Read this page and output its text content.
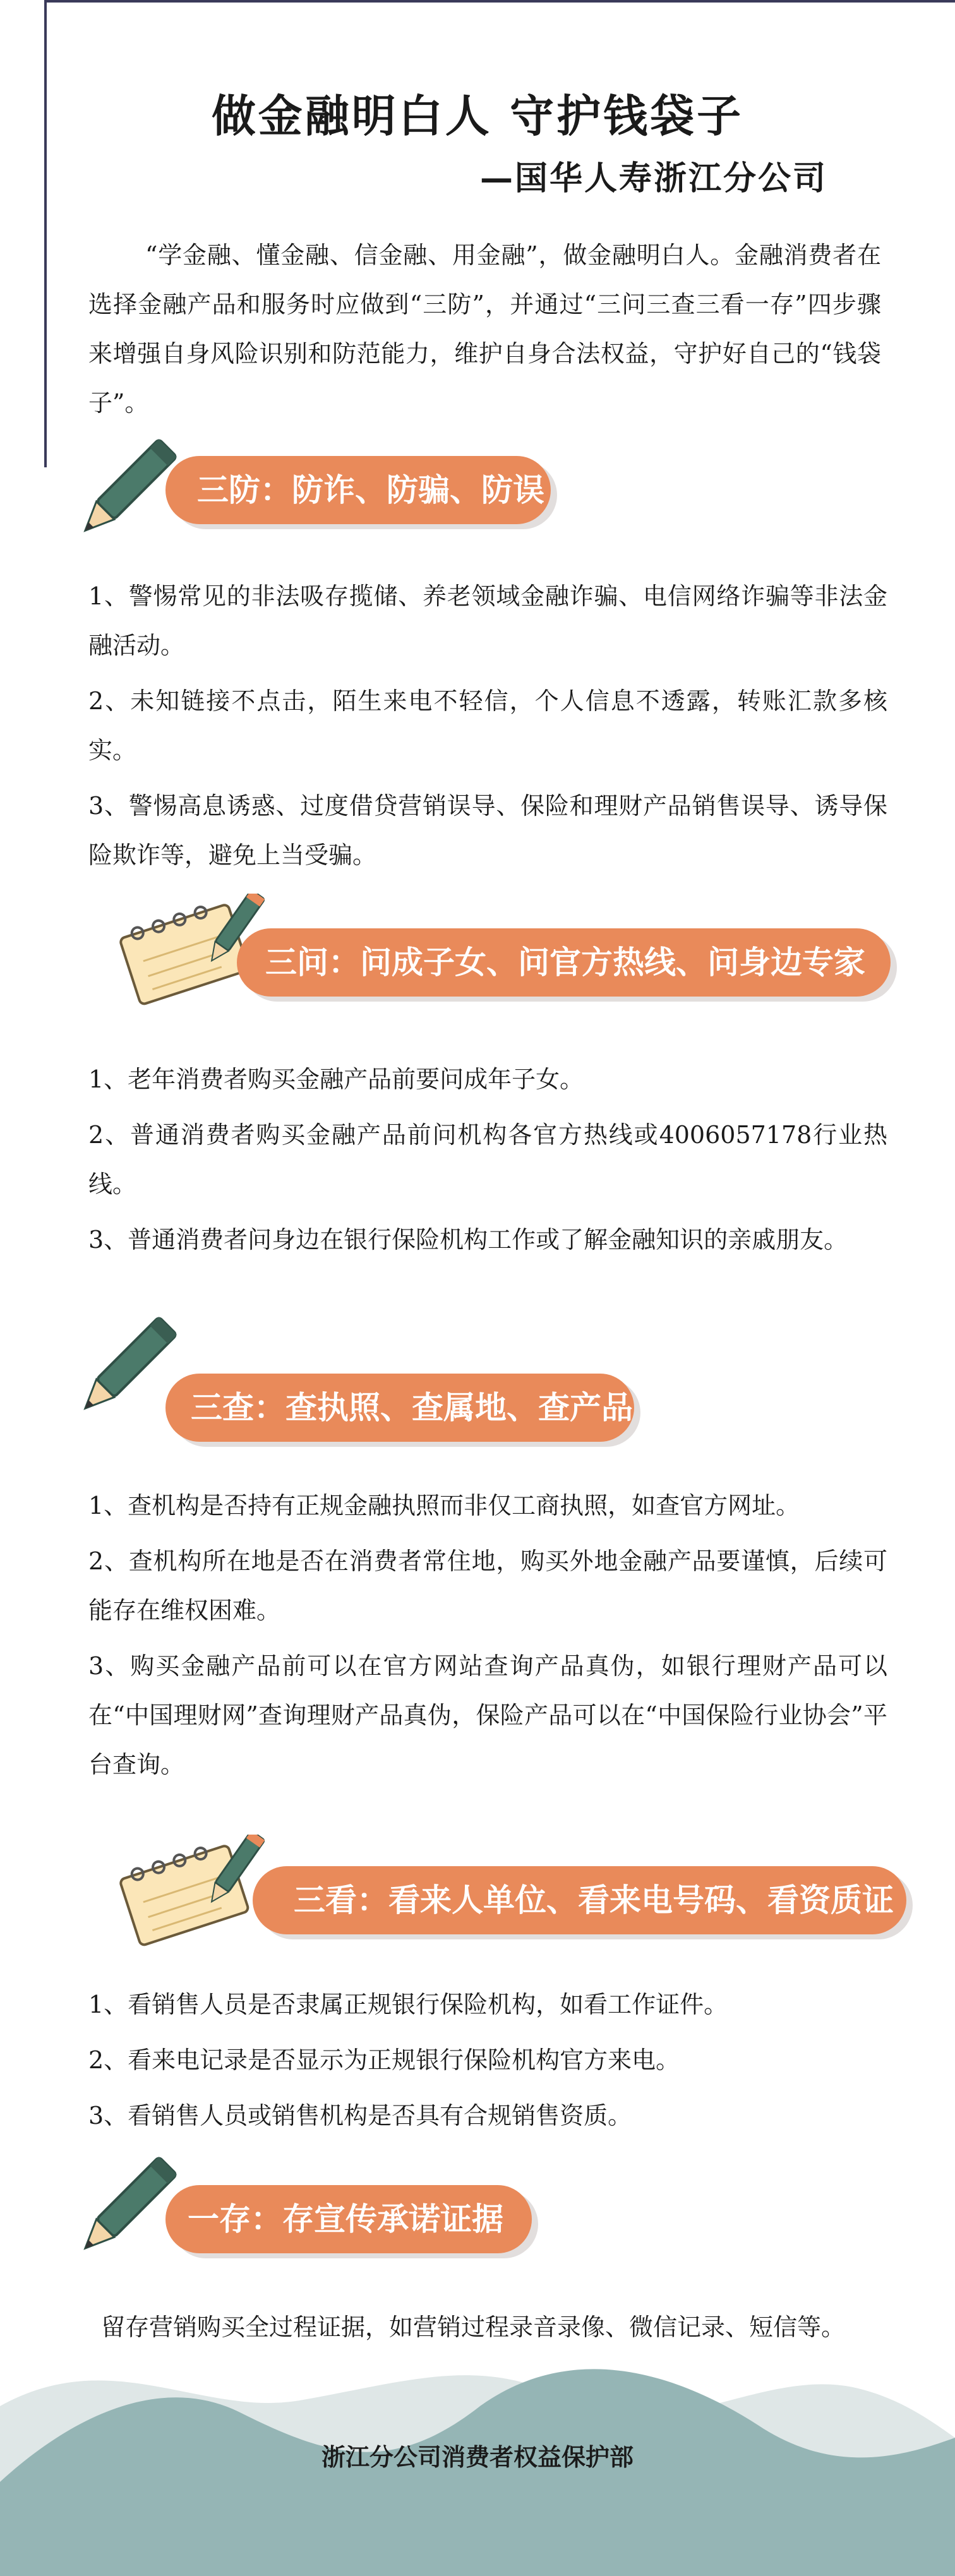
做金融明白人 守护钱袋子
—国华人寿浙江分公司

“学金融、懂金融、信金融、用金融”，做金融明白人。金融消费者在选择金融产品和服务时应做到“三防”，并通过“三问三查三看一存”四步骤来增强自身风险识别和防范能力，维护自身合法权益，守护好自己的“钱袋子”。

三防：防诈、防骗、防误导
1、警惕常见的非法吸存揽储、养老领域金融诈骗、电信网络诈骗等非法金融活动。
2、未知链接不点击，陌生来电不轻信，个人信息不透露，转账汇款多核实。
3、警惕高息诱惑、过度借贷营销误导、保险和理财产品销售误导、诱导保险欺诈等，避免上当受骗。
三问：问成子女、问官方热线、问身边专家
1、老年消费者购买金融产品前要问成年子女。
2、普通消费者购买金融产品前问机构各官方热线或4006057178行业热线。
3、普通消费者问身边在银行保险机构工作或了解金融知识的亲戚朋友。
三查：查执照、查属地、查产品
1、查机构是否持有正规金融执照而非仅工商执照，如查官方网址。
2、查机构所在地是否在消费者常住地，购买外地金融产品要谨慎，后续可能存在维权困难。
3、购买金融产品前可以在官方网站查询产品真伪，如银行理财产品可以在“中国理财网”查询理财产品真伪，保险产品可以在“中国保险行业协会”平台查询。
三看：看来人单位、看来电号码、看资质证书
1、看销售人员是否隶属正规银行保险机构，如看工作证件。
2、看来电记录是否显示为正规银行保险机构官方来电。
3、看销售人员或销售机构是否具有合规销售资质。
一存：存宣传承诺证据
留存营销购买全过程证据，如营销过程录音录像、微信记录、短信等。
浙江分公司消费者权益保护部
